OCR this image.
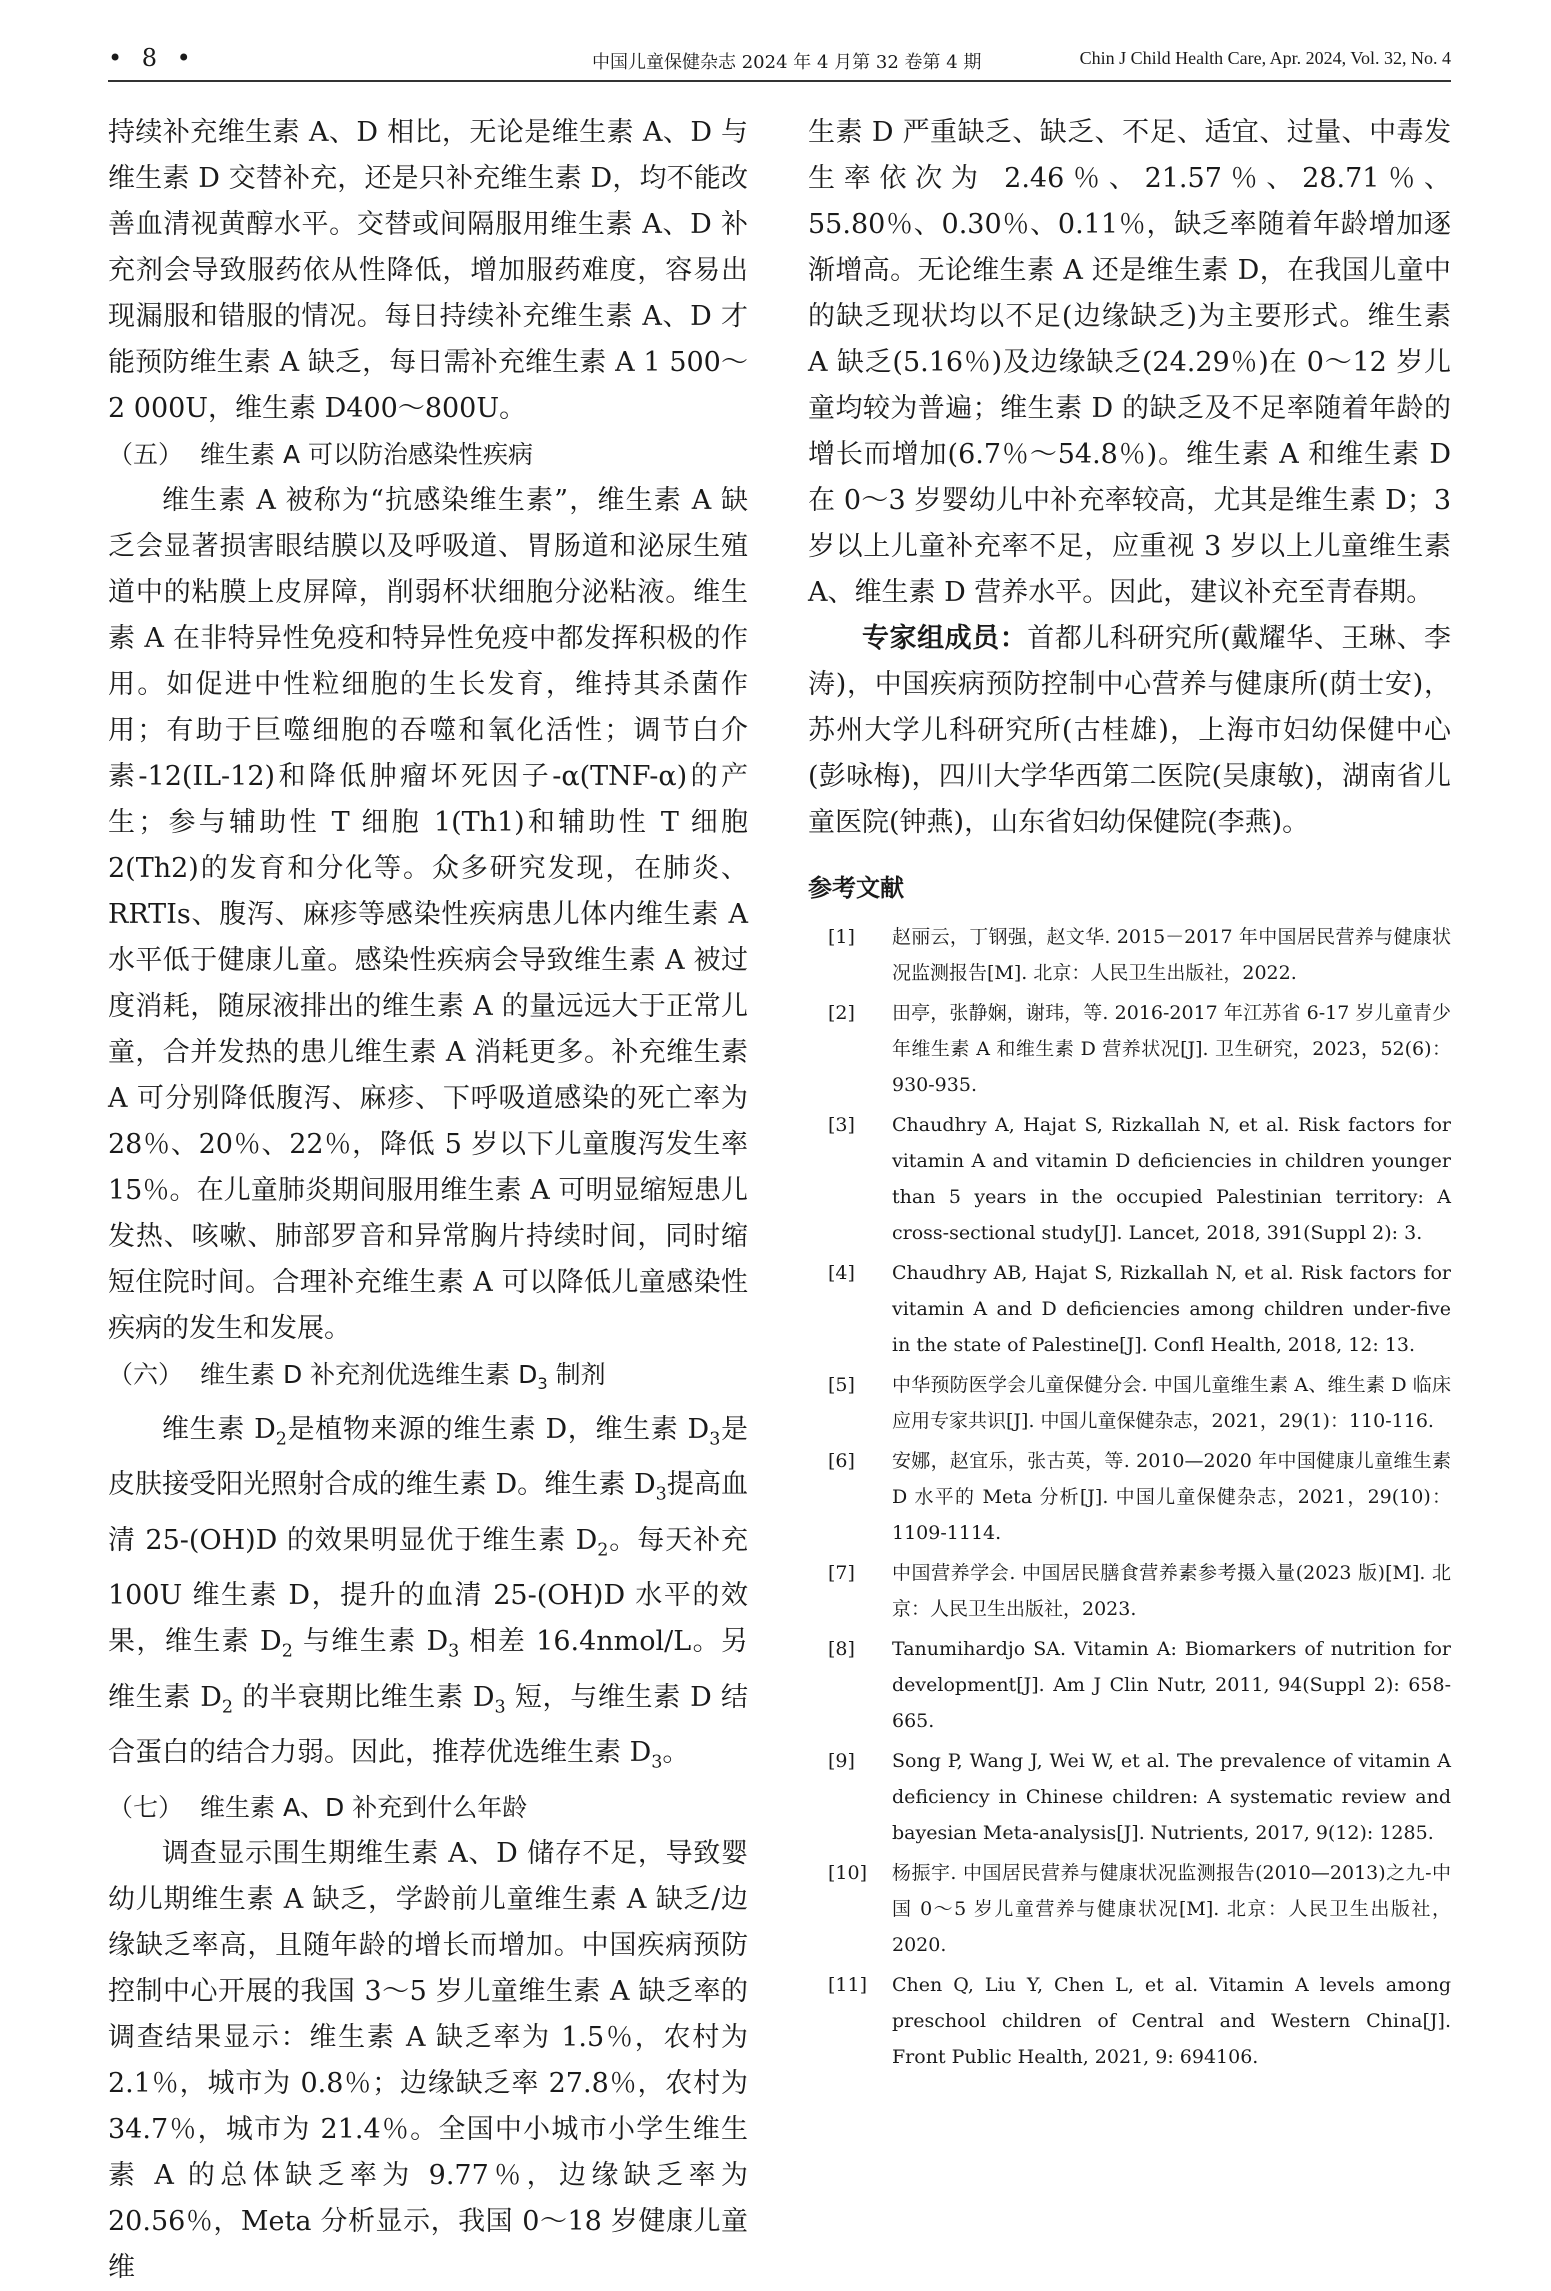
• 8 •	中国儿童保健杂志 2024 年 4 月第 32 卷第 4 期	Chin J Child Health Care, Apr. 2024, Vol. 32, No. 4

持续补充维生素 A、D 相比，无论是维生素 A、D 与维生素 D 交替补充，还是只补充维生素 D，均不能改善血清视黄醇水平。交替或间隔服用维生素 A、D 补充剂会导致服药依从性降低，增加服药难度，容易出现漏服和错服的情况。每日持续补充维生素 A、D 才能预防维生素 A 缺乏，每日需补充维生素 A 1 500～2 000U，维生素 D400～800U。

（五） 维生素 A 可以防治感染性疾病

维生素 A 被称为“抗感染维生素”，维生素 A 缺乏会显著损害眼结膜以及呼吸道、胃肠道和泌尿生殖道中的粘膜上皮屏障，削弱杯状细胞分泌粘液。维生素 A 在非特异性免疫和特异性免疫中都发挥积极的作用。如促进中性粒细胞的生长发育，维持其杀菌作用；有助于巨噬细胞的吞噬和氧化活性；调节白介素-12(IL-12)和降低肿瘤坏死因子-α(TNF-α)的产生；参与辅助性 T 细胞 1(Th1)和辅助性 T 细胞 2(Th2)的发育和分化等。众多研究发现，在肺炎、RRTIs、腹泻、麻疹等感染性疾病患儿体内维生素 A 水平低于健康儿童。感染性疾病会导致维生素 A 被过度消耗，随尿液排出的维生素 A 的量远远大于正常儿童，合并发热的患儿维生素 A 消耗更多。补充维生素 A 可分别降低腹泻、麻疹、下呼吸道感染的死亡率为 28％、20％、22％，降低 5 岁以下儿童腹泻发生率 15％。在儿童肺炎期间服用维生素 A 可明显缩短患儿发热、咳嗽、肺部罗音和异常胸片持续时间，同时缩短住院时间。合理补充维生素 A 可以降低儿童感染性疾病的发生和发展。

（六） 维生素 D 补充剂优选维生素 $D_3$ 制剂

维生素 $D_2$是植物来源的维生素 D，维生素 $D_3$是皮肤接受阳光照射合成的维生素 D。维生素 $D_3$提高血清 25-(OH)D 的效果明显优于维生素 $D_2$。每天补充 100U 维生素 D，提升的血清 25-(OH)D 水平的效果，维生素 $D_2$ 与维生素 $D_3$ 相差 16.4nmol/L。另维生素 $D_2$ 的半衰期比维生素 $D_3$ 短，与维生素 D 结合蛋白的结合力弱。因此，推荐优选维生素 $D_3$。

（七） 维生素 A、D 补充到什么年龄

调查显示围生期维生素 A、D 储存不足，导致婴幼儿期维生素 A 缺乏，学龄前儿童维生素 A 缺乏/边缘缺乏率高，且随年龄的增长而增加。中国疾病预防控制中心开展的我国 3～5 岁儿童维生素 A 缺乏率的调查结果显示：维生素 A 缺乏率为 1.5％，农村为 2.1％，城市为 0.8％；边缘缺乏率 27.8％，农村为 34.7％，城市为 21.4％。全国中小城市小学生维生素 A 的总体缺乏率为 9.77％，边缘缺乏率为 20.56％，Meta 分析显示，我国 0～18 岁健康儿童维

生素 D 严重缺乏、缺乏、不足、适宜、过量、中毒发生率依次为 2.46％、21.57％、28.71％、55.80％、0.30％、0.11％，缺乏率随着年龄增加逐渐增高。无论维生素 A 还是维生素 D，在我国儿童中的缺乏现状均以不足(边缘缺乏)为主要形式。维生素 A 缺乏(5.16％)及边缘缺乏(24.29％)在 0～12 岁儿童均较为普遍；维生素 D 的缺乏及不足率随着年龄的增长而增加(6.7％～54.8％)。维生素 A 和维生素 D 在 0～3 岁婴幼儿中补充率较高，尤其是维生素 D；3 岁以上儿童补充率不足，应重视 3 岁以上儿童维生素 A、维生素 D 营养水平。因此，建议补充至青春期。

专家组成员：首都儿科研究所(戴耀华、王琳、李涛)，中国疾病预防控制中心营养与健康所(荫士安)，苏州大学儿科研究所(古桂雄)，上海市妇幼保健中心(彭咏梅)，四川大学华西第二医院(吴康敏)，湖南省儿童医院(钟燕)，山东省妇幼保健院(李燕)。

参考文献
[1]	赵丽云，丁钢强，赵文华. 2015－2017 年中国居民营养与健康状况监测报告[M]. 北京：人民卫生出版社，2022.
[2]	田亭，张静娴，谢玮，等. 2016-2017 年江苏省 6-17 岁儿童青少年维生素 A 和维生素 D 营养状况[J]. 卫生研究，2023，52(6)：930-935.
[3]	Chaudhry A, Hajat S, Rizkallah N, et al. Risk factors for vitamin A and vitamin D deficiencies in children younger than 5 years in the occupied Palestinian territory: A cross-sectional study[J]. Lancet, 2018, 391(Suppl 2): 3.
[4]	Chaudhry AB, Hajat S, Rizkallah N, et al. Risk factors for vitamin A and D deficiencies among children under-five in the state of Palestine[J]. Confl Health, 2018, 12: 13.
[5]	中华预防医学会儿童保健分会. 中国儿童维生素 A、维生素 D 临床应用专家共识[J]. 中国儿童保健杂志，2021，29(1)：110-116.
[6]	安娜，赵宜乐，张古英，等. 2010—2020 年中国健康儿童维生素 D 水平的 Meta 分析[J]. 中国儿童保健杂志，2021，29(10)：1109-1114.
[7]	中国营养学会. 中国居民膳食营养素参考摄入量(2023 版)[M]. 北京：人民卫生出版社，2023.
[8]	Tanumihardjo SA. Vitamin A: Biomarkers of nutrition for development[J]. Am J Clin Nutr, 2011, 94(Suppl 2): 658-665.
[9]	Song P, Wang J, Wei W, et al. The prevalence of vitamin A deficiency in Chinese children: A systematic review and bayesian Meta-analysis[J]. Nutrients, 2017, 9(12): 1285.
[10]	杨振宇. 中国居民营养与健康状况监测报告(2010—2013)之九-中国 0～5 岁儿童营养与健康状况[M]. 北京：人民卫生出版社，2020.
[11]	Chen Q, Liu Y, Chen L, et al. Vitamin A levels among preschool children of Central and Western China[J]. Front Public Health, 2021, 9: 694106.
